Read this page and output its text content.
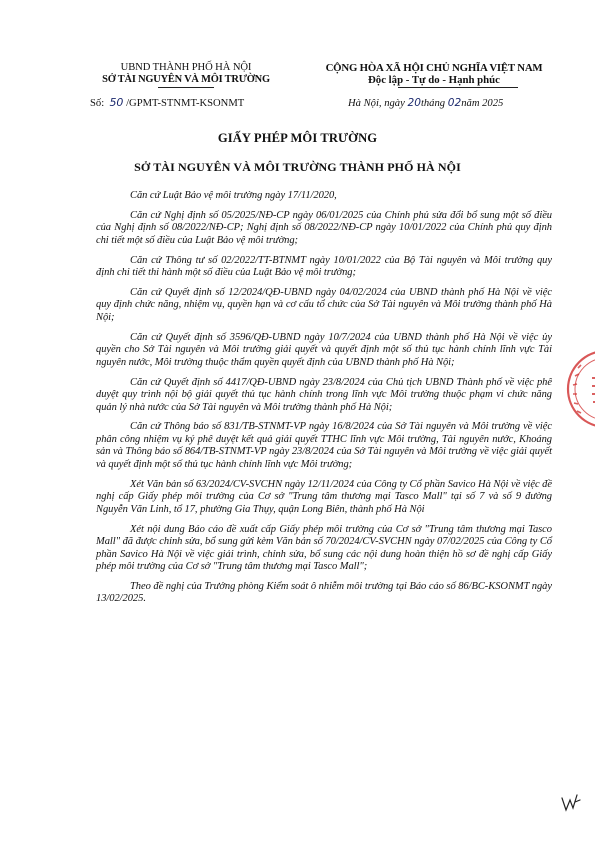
UBND THÀNH PHỐ HÀ NỘI
SỞ TÀI NGUYÊN VÀ MÔI TRƯỜNG
CỘNG HÒA XÃ HỘI CHỦ NGHĨA VIỆT NAM
Độc lập - Tự do - Hạnh phúc
Số: 50 /GPMT-STNMT-KSONMT	Hà Nội, ngày 20tháng 02năm 2025
GIẤY PHÉP MÔI TRƯỜNG
SỞ TÀI NGUYÊN VÀ MÔI TRƯỜNG THÀNH PHỐ HÀ NỘI

Căn cứ Luật Bảo vệ môi trường ngày 17/11/2020,

Căn cứ Nghị định số 05/2025/NĐ-CP ngày 06/01/2025 của Chính phủ sửa đổi bổ sung một số điều của Nghị định số 08/2022/NĐ-CP; Nghị định số 08/2022/NĐ-CP ngày 10/01/2022 của Chính phủ quy định chi tiết một số điều của Luật Bảo vệ môi trường;

Căn cứ Thông tư số 02/2022/TT-BTNMT ngày 10/01/2022 của Bộ Tài nguyên và Môi trường quy định chi tiết thi hành một số điều của Luật Bảo vệ môi trường;

Căn cứ Quyết định số 12/2024/QĐ-UBND ngày 04/02/2024 của UBND thành phố Hà Nội về việc quy định chức năng, nhiệm vụ, quyền hạn và cơ cấu tổ chức của Sở Tài nguyên và Môi trường thành phố Hà Nội;

Căn cứ Quyết định số 3596/QĐ-UBND ngày 10/7/2024 của UBND thành phố Hà Nội về việc ủy quyền cho Sở Tài nguyên và Môi trường giải quyết và quyết định một số thủ tục hành chính lĩnh vực Tài nguyên nước, Môi trường thuộc thẩm quyền quyết định của UBND thành phố Hà Nội;

Căn cứ Quyết định số 4417/QĐ-UBND ngày 23/8/2024 của Chủ tịch UBND Thành phố về việc phê duyệt quy trình nội bộ giải quyết thủ tục hành chính trong lĩnh vực Môi trường thuộc phạm vi chức năng quản lý nhà nước của Sở Tài nguyên và Môi trường thành phố Hà Nội;

Căn cứ Thông báo số 831/TB-STNMT-VP ngày 16/8/2024 của Sở Tài nguyên và Môi trường về việc phân công nhiệm vụ ký phê duyệt kết quả giải quyết TTHC lĩnh vực Môi trường, Tài nguyên nước, Khoáng sản và Thông báo số 864/TB-STNMT-VP ngày 23/8/2024 của Sở Tài nguyên và Môi trường về việc giải quyết và quyết định một số thủ tục hành chính lĩnh vực Môi trường;

Xét Văn bản số 63/2024/CV-SVCHN ngày 12/11/2024 của Công ty Cổ phần Savico Hà Nội về việc đề nghị cấp Giấy phép môi trường của Cơ sở "Trung tâm thương mại Tasco Mall" tại số 7 và số 9 đường Nguyễn Văn Linh, tổ 17, phường Gia Thụy, quận Long Biên, thành phố Hà Nội

Xét nội dung Báo cáo đề xuất cấp Giấy phép môi trường của Cơ sở "Trung tâm thương mại Tasco Mall" đã được chỉnh sửa, bổ sung gửi kèm Văn bản số 70/2024/CV-SVCHN ngày 07/02/2025 của Công ty Cổ phần Savico Hà Nội về việc giải trình, chỉnh sửa, bổ sung các nội dung hoàn thiện hồ sơ đề nghị cấp Giấy phép môi trường của Cơ sở "Trung tâm thương mại Tasco Mall";

Theo đề nghị của Trưởng phòng Kiểm soát ô nhiễm môi trường tại Báo cáo số 86/BC-KSONMT ngày 13/02/2025.
